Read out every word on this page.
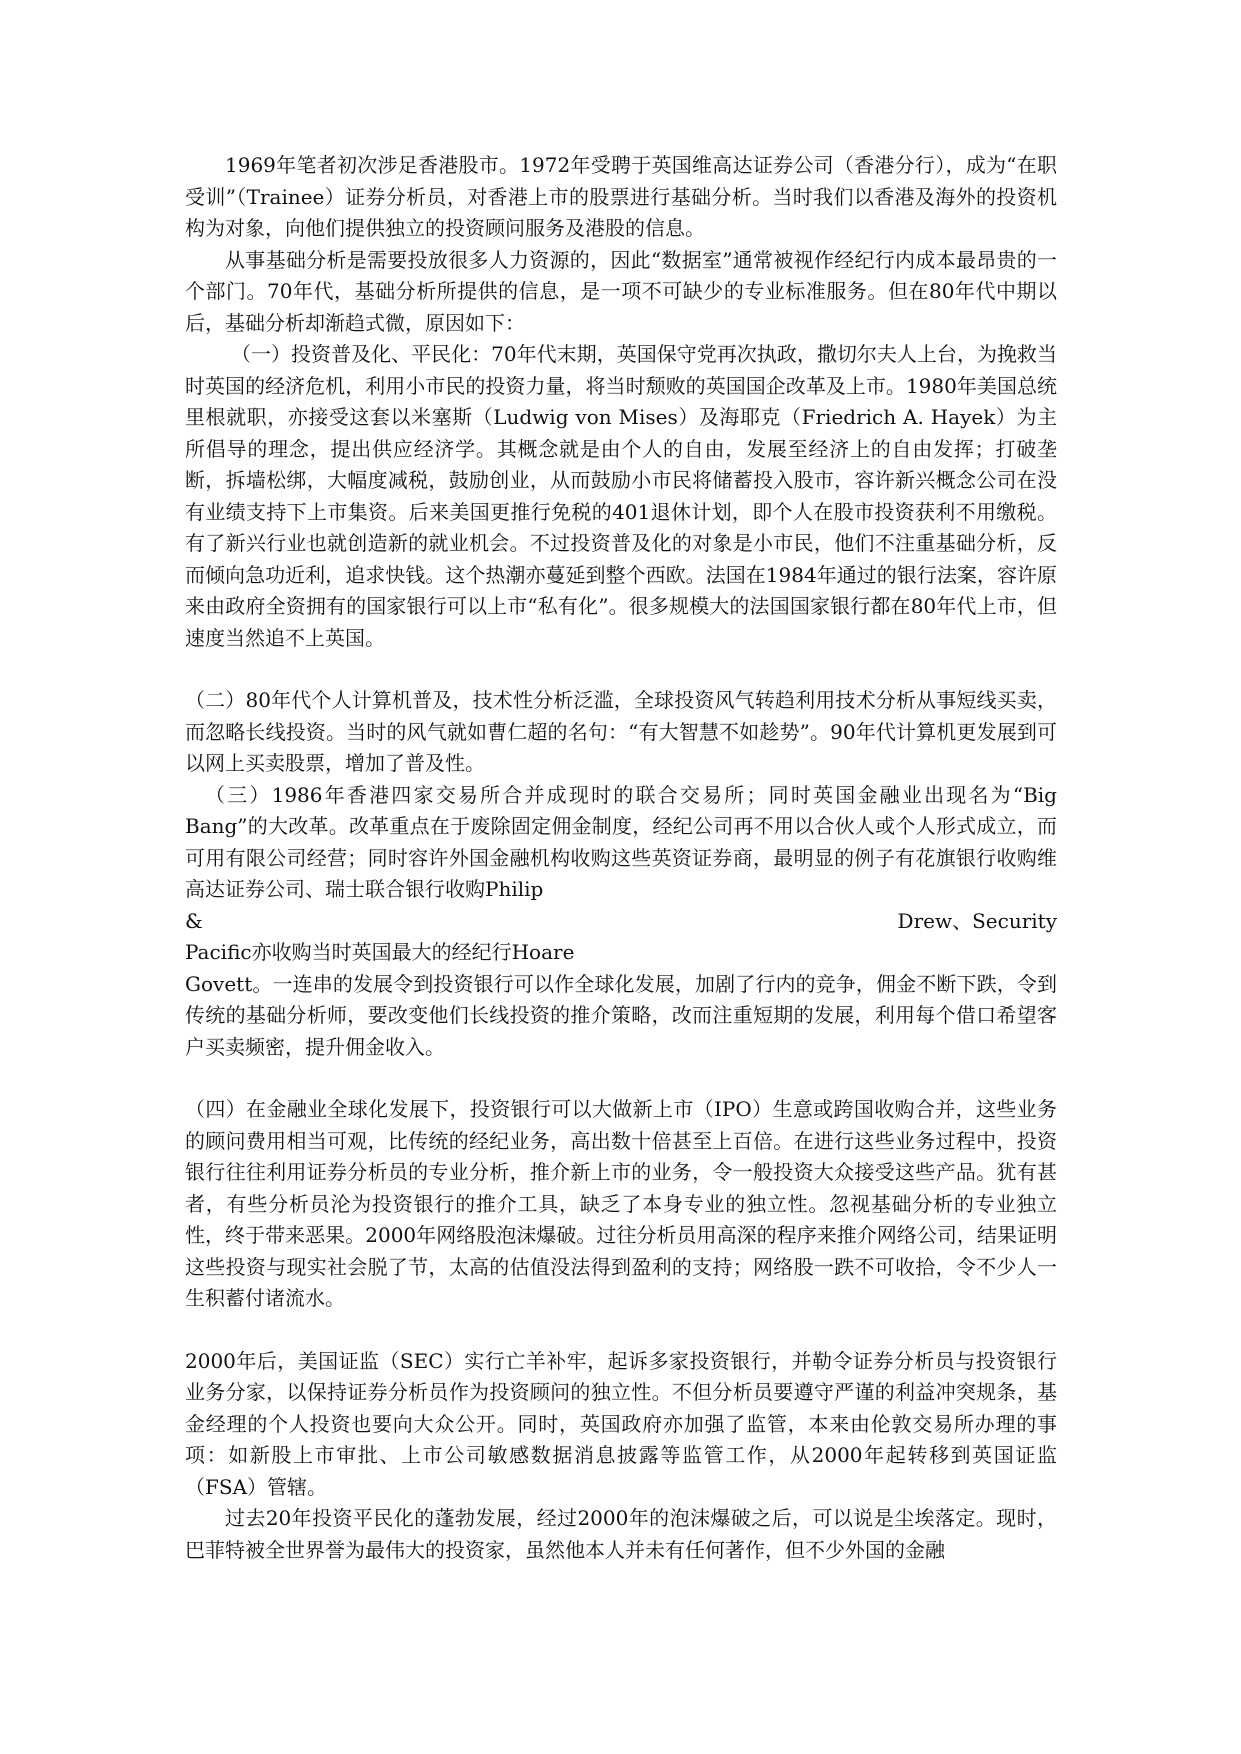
1969年笔者初次涉足香港股市。1972年受聘于英国维高达证券公司（香港分行），成为“在职受训”（Trainee）证券分析员，对香港上市的股票进行基础分析。当时我们以香港及海外的投资机构为对象，向他们提供独立的投资顾问服务及港股的信息。

从事基础分析是需要投放很多人力资源的，因此“数据室”通常被视作经纪行内成本最昂贵的一个部门。70年代，基础分析所提供的信息，是一项不可缺少的专业标准服务。但在80年代中期以后，基础分析却渐趋式微，原因如下：

（一）投资普及化、平民化：70年代末期，英国保守党再次执政，撒切尔夫人上台，为挽救当时英国的经济危机，利用小市民的投资力量，将当时颓败的英国国企改革及上市。1980年美国总统里根就职，亦接受这套以米塞斯（Ludwig von Mises）及海耶克（Friedrich A. Hayek）为主所倡导的理念，提出供应经济学。其概念就是由个人的自由，发展至经济上的自由发挥；打破垄断，拆墙松绑，大幅度减税，鼓励创业，从而鼓励小市民将储蓄投入股市，容许新兴概念公司在没有业绩支持下上市集资。后来美国更推行免税的401退休计划，即个人在股市投资获利不用缴税。有了新兴行业也就创造新的就业机会。不过投资普及化的对象是小市民，他们不注重基础分析，反而倾向急功近利，追求快钱。这个热潮亦蔓延到整个西欧。法国在1984年通过的银行法案，容许原来由政府全资拥有的国家银行可以上市“私有化”。很多规模大的法国国家银行都在80年代上市，但速度当然追不上英国。

（二）80年代个人计算机普及，技术性分析泛滥，全球投资风气转趋利用技术分析从事短线买卖，而忽略长线投资。当时的风气就如曹仁超的名句：“有大智慧不如趁势”。90年代计算机更发展到可以网上买卖股票，增加了普及性。

（三）1986年香港四家交易所合并成现时的联合交易所；同时英国金融业出现名为“Big Bang”的大改革。改革重点在于废除固定佣金制度，经纪公司再不用以合伙人或个人形式成立，而可用有限公司经营；同时容许外国金融机构收购这些英资证券商，最明显的例子有花旗银行收购维高达证券公司、瑞士联合银行收购Philip

&	Drew、Security

Pacific亦收购当时英国最大的经纪行Hoare

Govett。一连串的发展令到投资银行可以作全球化发展，加剧了行内的竞争，佣金不断下跌，令到传统的基础分析师，要改变他们长线投资的推介策略，改而注重短期的发展，利用每个借口希望客户买卖频密，提升佣金收入。

（四）在金融业全球化发展下，投资银行可以大做新上市（IPO）生意或跨国收购合并，这些业务的顾问费用相当可观，比传统的经纪业务，高出数十倍甚至上百倍。在进行这些业务过程中，投资银行往往利用证券分析员的专业分析，推介新上市的业务，令一般投资大众接受这些产品。犹有甚者，有些分析员沦为投资银行的推介工具，缺乏了本身专业的独立性。忽视基础分析的专业独立性，终于带来恶果。2000年网络股泡沫爆破。过往分析员用高深的程序来推介网络公司，结果证明这些投资与现实社会脱了节，太高的估值没法得到盈利的支持；网络股一跌不可收拾，令不少人一生积蓄付诸流水。

2000年后，美国证监（SEC）实行亡羊补牢，起诉多家投资银行，并勒令证券分析员与投资银行业务分家，以保持证券分析员作为投资顾问的独立性。不但分析员要遵守严谨的利益冲突规条，基金经理的个人投资也要向大众公开。同时，英国政府亦加强了监管，本来由伦敦交易所办理的事项：如新股上市审批、上市公司敏感数据消息披露等监管工作，从2000年起转移到英国证监（FSA）管辖。

过去20年投资平民化的蓬勃发展，经过2000年的泡沫爆破之后，可以说是尘埃落定。现时，巴菲特被全世界誉为最伟大的投资家，虽然他本人并未有任何著作，但不少外国的金融
